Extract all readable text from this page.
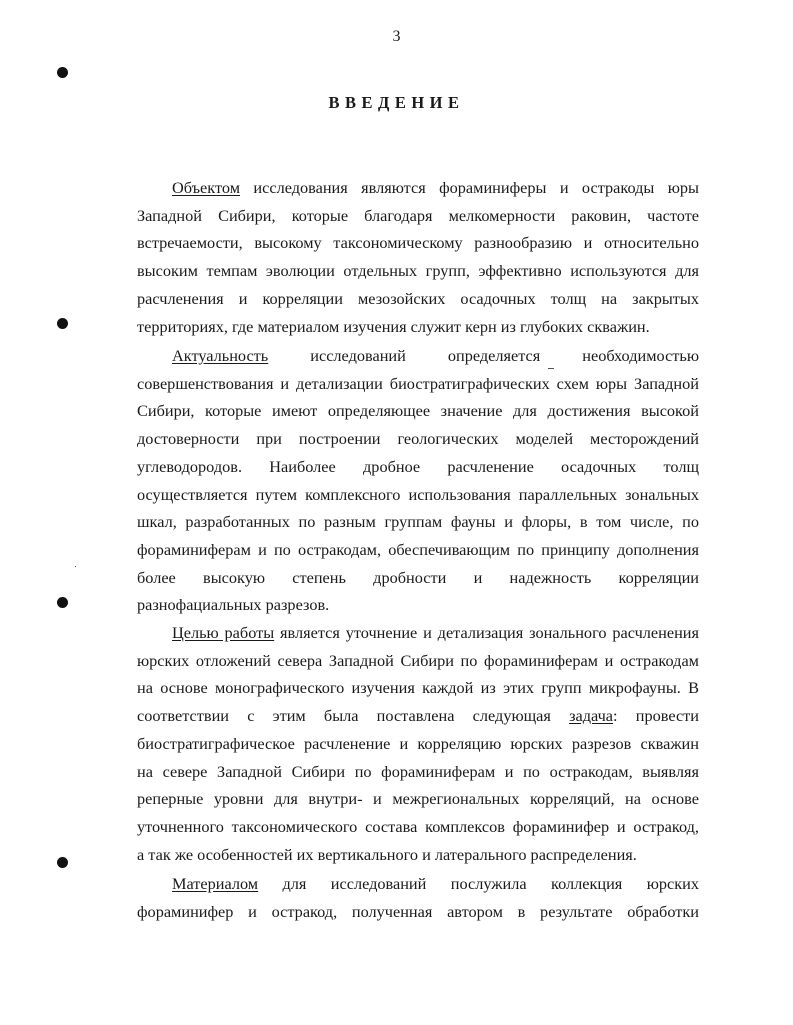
3
ВВЕДЕНИЕ
Объектом исследования являются фораминиферы и остракоды юры
Западной Сибири, которые благодаря мелкомерности раковин, частоте
встречаемости, высокому таксономическому разнообразию и относительно
высоким темпам эволюции отдельных групп, эффективно используются для
расчленения и корреляции мезозойских осадочных толщ на закрытых
территориях, где материалом изучения служит керн из глубоких скважин.
Актуальность исследований определяется необходимостью
совершенствования и детализации биостратиграфических схем юры Западной
Сибири, которые имеют определяющее значение для достижения высокой
достоверности при построении геологических моделей месторождений
углеводородов. Наиболее дробное расчленение осадочных толщ
осуществляется путем комплексного использования параллельных зональных
шкал, разработанных по разным группам фауны и флоры, в том числе, по
фораминиферам и по остракодам, обеспечивающим по принципу дополнения
более высокую степень дробности и надежность корреляции
разнофациальных разрезов.
Целью работы является уточнение и детализация зонального расчленения
юрских отложений севера Западной Сибири по фораминиферам и остракодам
на основе монографического изучения каждой из этих групп микрофауны. В
соответствии с этим была поставлена следующая задача: провести
биостратиграфическое расчленение и корреляцию юрских разрезов скважин
на севере Западной Сибири по фораминиферам и по остракодам, выявляя
реперные уровни для внутри- и межрегиональных корреляций, на основе
уточненного таксономического состава комплексов фораминифер и остракод,
а так же особенностей их вертикального и латерального распределения.
Материалом для исследований послужила коллекция юрских
фораминифер и остракод, полученная автором в результате обработки
